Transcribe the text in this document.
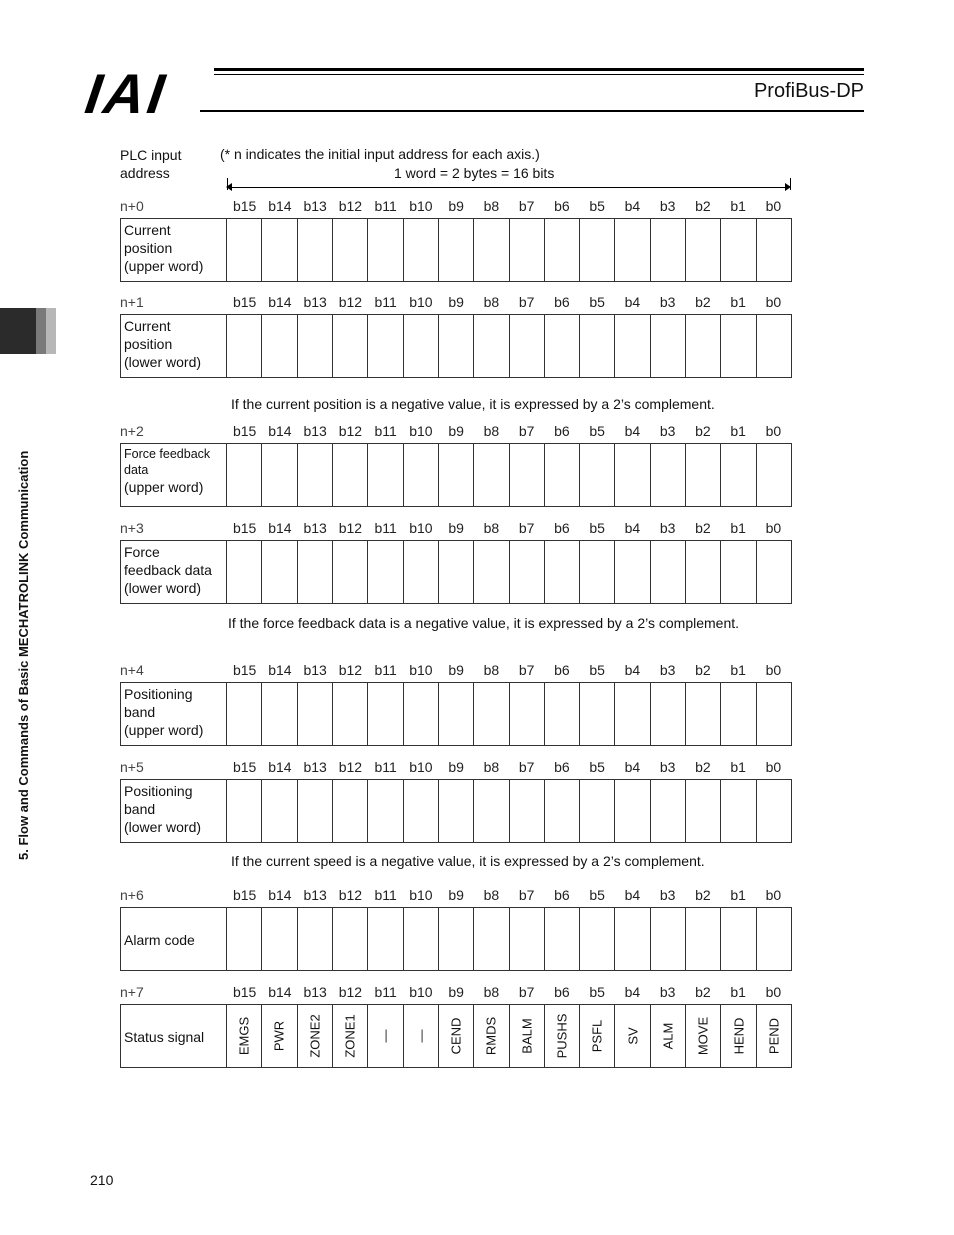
IAI	ProfiBus-DP
5. Flow and Commands of Basic MECHATROLINK Communication
PLC input
address
(* n indicates the initial input address for each axis.)
1 word = 2 bytes = 16 bits
n+0	b15 b14 b13 b12 b11 b10	b9	b8	b7	b6	b5	b4	b3	b2	b1	b0
Current
position
(upper word)
n+1	b15 b14 b13 b12 b11 b10	b9	b8	b7	b6	b5	b4	b3	b2	b1	b0
Current
position
(lower word)
If the current position is a negative value, it is expressed by a 2’s complement.
n+2	b15 b14 b13 b12 b11 b10	b9	b8	b7	b6	b5	b4	b3	b2	b1	b0
Force feedback
data
(upper word)
n+3	b15 b14 b13 b12 b11 b10	b9	b8	b7	b6	b5	b4	b3	b2	b1	b0
Force
feedback data
(lower word)
If the force feedback data is a negative value, it is expressed by a 2’s complement.
n+4	b15 b14 b13 b12 b11 b10	b9	b8	b7	b6	b5	b4	b3	b2	b1	b0
Positioning
band
(upper word)
n+5	b15 b14 b13 b12 b11 b10	b9	b8	b7	b6	b5	b4	b3	b2	b1	b0
Positioning
band
(lower word)
If the current speed is a negative value, it is expressed by a 2’s complement.
n+6	b15 b14 b13 b12 b11 b10	b9	b8	b7	b6	b5	b4	b3	b2	b1	b0
Alarm code
n+7	b15 b14 b13 b12 b11 b10	b9	b8	b7	b6	b5	b4	b3	b2	b1	b0
Status signal EMGS PWR ZONE2 ZONE1 — — CEND RMDS BALM PUSHS PSFL SV ALM MOVE HEND PEND
210
